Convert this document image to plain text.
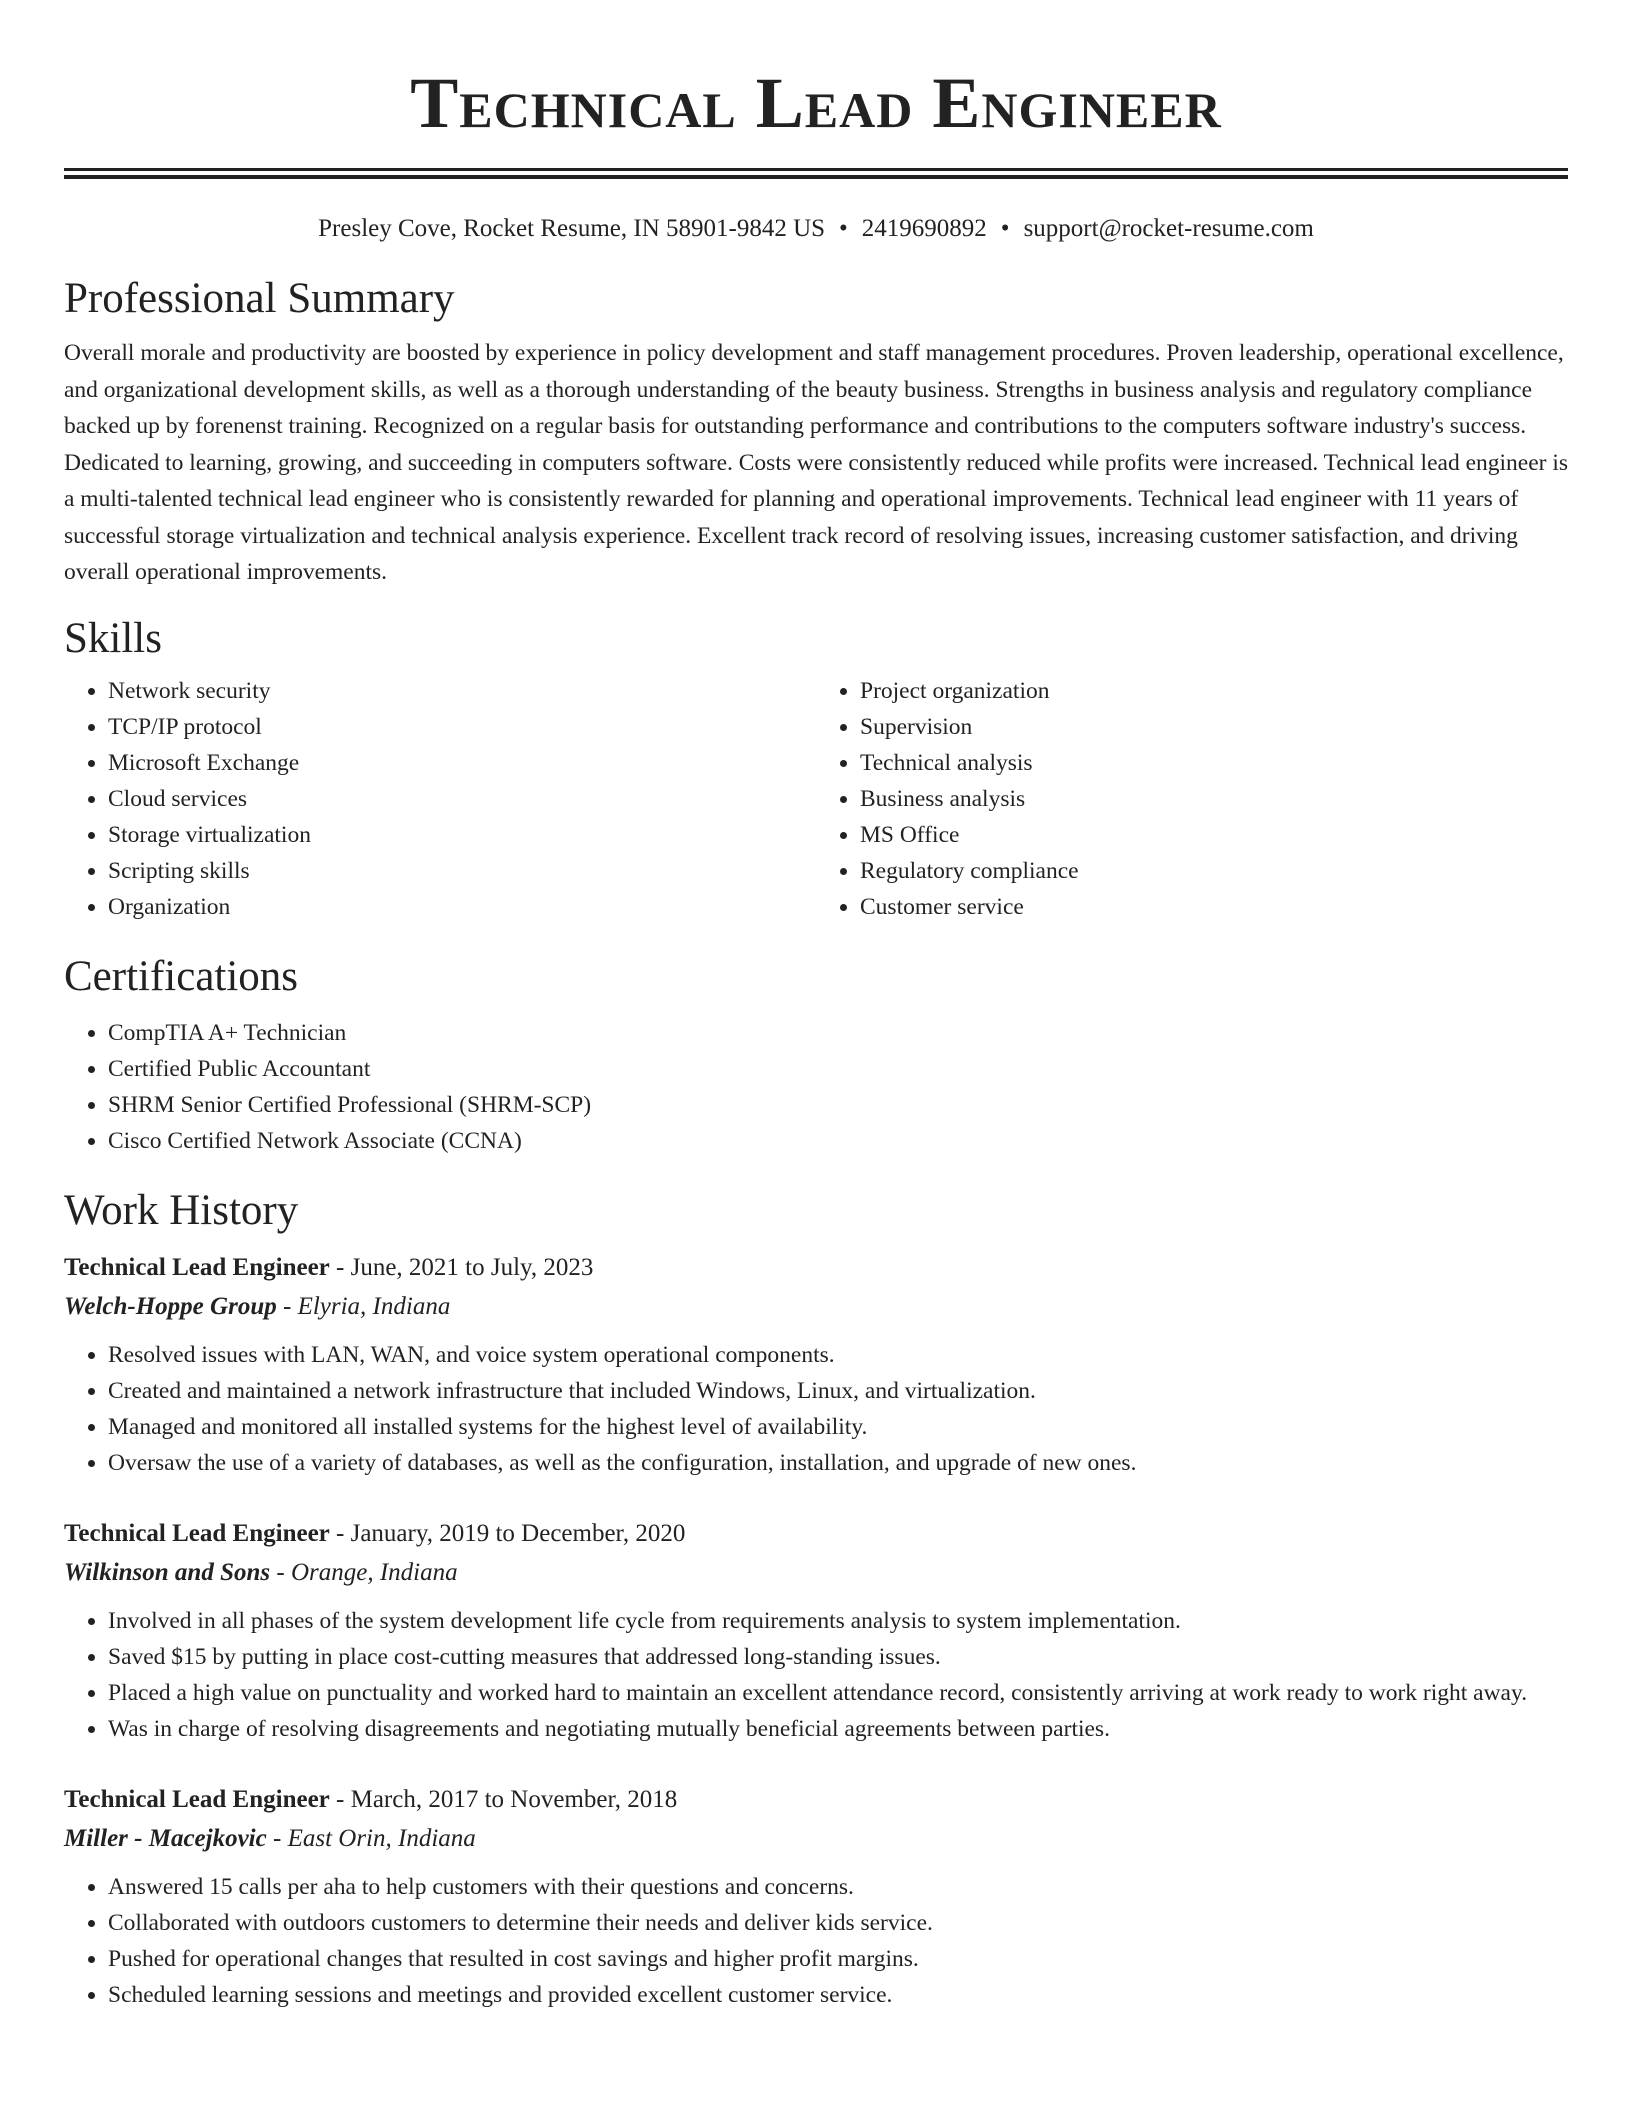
Technical Lead Engineer
Presley Cove, Rocket Resume, IN 58901-9842 US • 2419690892 • support@rocket-resume.com
Professional Summary

Overall morale and productivity are boosted by experience in policy development and staff management procedures. Proven leadership, operational excellence, and organizational development skills, as well as a thorough understanding of the beauty business. Strengths in business analysis and regulatory compliance backed up by forenenst training. Recognized on a regular basis for outstanding performance and contributions to the computers software industry's success. Dedicated to learning, growing, and succeeding in computers software. Costs were consistently reduced while profits were increased. Technical lead engineer is a multi-talented technical lead engineer who is consistently rewarded for planning and operational improvements. Technical lead engineer with 11 years of successful storage virtualization and technical analysis experience. Excellent track record of resolving issues, increasing customer satisfaction, and driving overall operational improvements.

Skills
• Network security
• TCP/IP protocol
• Microsoft Exchange
• Cloud services
• Storage virtualization
• Scripting skills
• Organization
• Project organization
• Supervision
• Technical analysis
• Business analysis
• MS Office
• Regulatory compliance
• Customer service
Certifications
• CompTIA A+ Technician
• Certified Public Accountant
• SHRM Senior Certified Professional (SHRM-SCP)
• Cisco Certified Network Associate (CCNA)
Work History
Technical Lead Engineer - June, 2021 to July, 2023
Welch-Hoppe Group - Elyria, Indiana
• Resolved issues with LAN, WAN, and voice system operational components.
• Created and maintained a network infrastructure that included Windows, Linux, and virtualization.
• Managed and monitored all installed systems for the highest level of availability.
• Oversaw the use of a variety of databases, as well as the configuration, installation, and upgrade of new ones.
Technical Lead Engineer - January, 2019 to December, 2020
Wilkinson and Sons - Orange, Indiana
• Involved in all phases of the system development life cycle from requirements analysis to system implementation.
• Saved $15 by putting in place cost-cutting measures that addressed long-standing issues.
• Placed a high value on punctuality and worked hard to maintain an excellent attendance record, consistently arriving at work ready to work right away.
• Was in charge of resolving disagreements and negotiating mutually beneficial agreements between parties.
Technical Lead Engineer - March, 2017 to November, 2018
Miller - Macejkovic - East Orin, Indiana
• Answered 15 calls per aha to help customers with their questions and concerns.
• Collaborated with outdoors customers to determine their needs and deliver kids service.
• Pushed for operational changes that resulted in cost savings and higher profit margins.
• Scheduled learning sessions and meetings and provided excellent customer service.
